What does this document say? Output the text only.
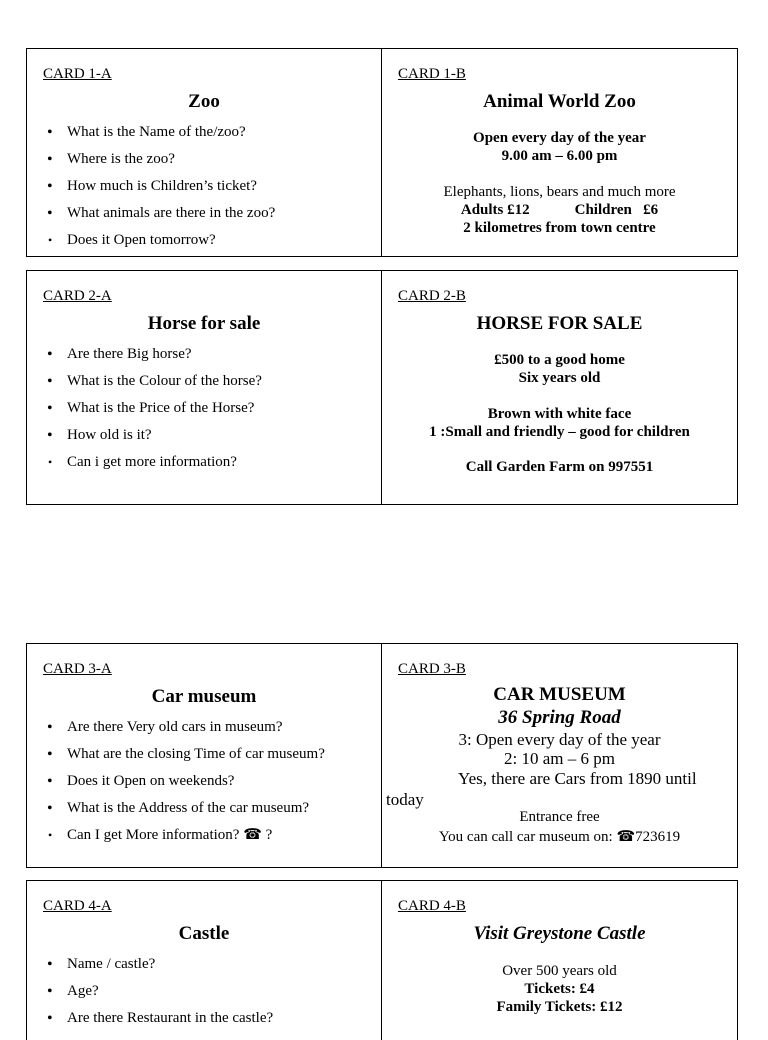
CARD 1-A
Zoo
• What is the Name of the/zoo?
• Where is the zoo?
• How much is Children’s ticket?
• What animals are there in the zoo?
• Does it Open tomorrow?
CARD 1-B
Animal World Zoo
Open every day of the year
9.00 am – 6.00 pm
Elephants, lions, bears and much more
Adults £12            Children   £6
2 kilometres from town centre
CARD 2-A
Horse for sale
• Are there Big horse?
• What is the Colour of the horse?
• What is the Price of the Horse?
• How old is it?
• Can i get more information?
CARD 2-B
HORSE FOR SALE
£500 to a good home
Six years old
Brown with white face
1 :Small and friendly – good for children
Call Garden Farm on 997551
CARD 3-A
Car museum
• Are there Very old cars in museum?
• What are the closing Time of car museum?
• Does it Open on weekends?
• What is the Address of the car museum?
• Can I get More information? ☎ ?
CARD 3-B
CAR MUSEUM
36 Spring Road
3: Open every day of the year
2: 10 am – 6 pm
Yes, there are Cars from 1890 until
today
Entrance free
You can call car museum on: ☎723619
CARD 4-A
Castle
• Name / castle?
• Age?
• Are there Restaurant in the castle?
CARD 4-B
Visit Greystone Castle
Over 500 years old
Tickets: £4
Family Tickets: £12
